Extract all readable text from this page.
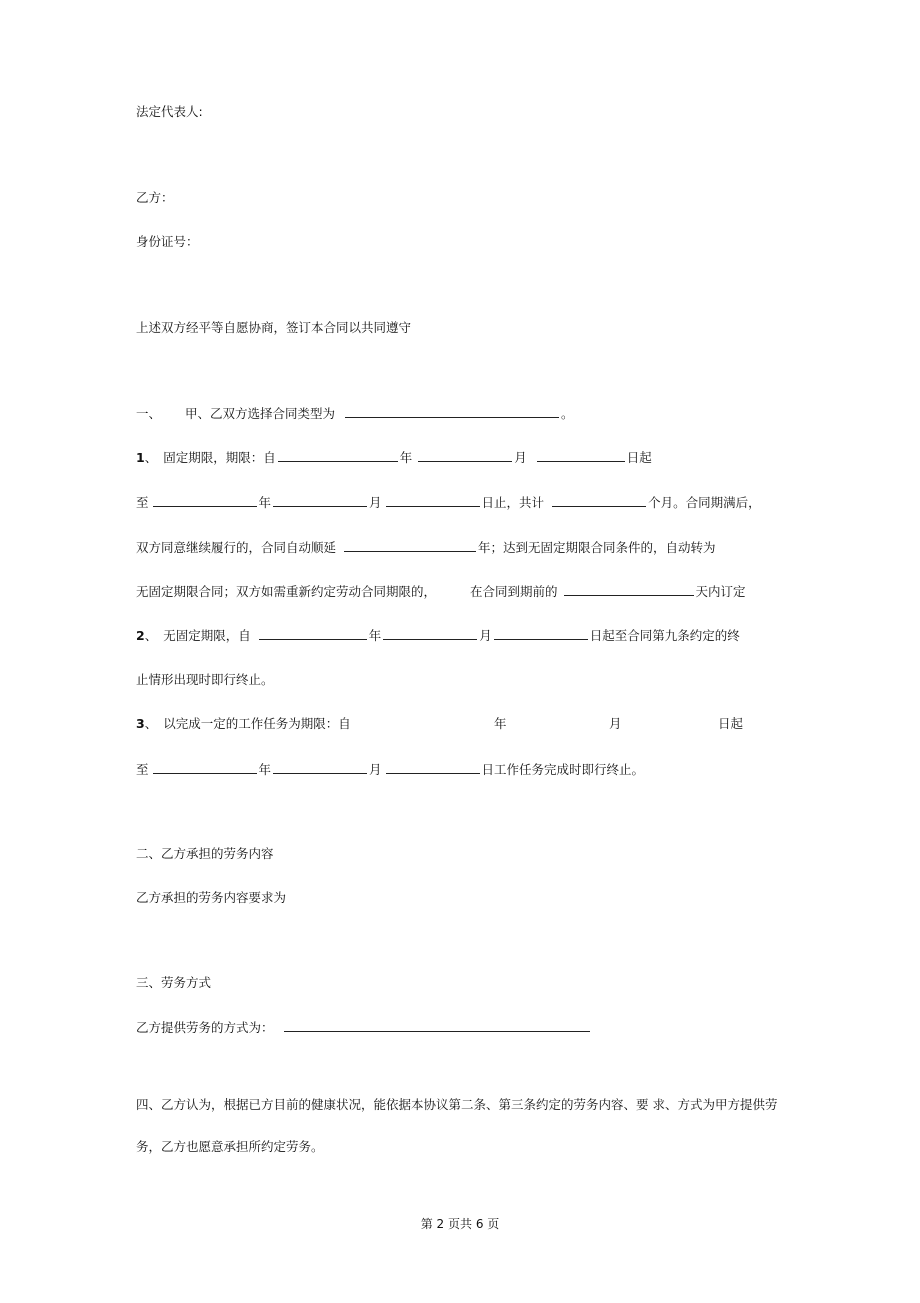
法定代表人:
乙方：
身份证号：
上述双方经平等自愿协商，签订本合同以共同遵守
一、 甲、乙双方选择合同类型为	。
1、 固定期限，期限：自	年	月	日起
至	年	月	日止，共计	个月。合同期满后，
双方同意继续履行的，合同自动顺延	年；达到无固定期限合同条件的，自动转为
无固定期限合同；双方如需重新约定劳动合同期限的，	在合同到期前的	天内订定
2、 无固定期限，自	年	月	日起至合同第九条约定的终
止情形出现时即行终止。
3、 以完成一定的工作任务为期限：自	年	月	日起
至	年	月	日工作任务完成时即行终止。
二、乙方承担的劳务内容
乙方承担的劳务内容要求为
三、劳务方式
乙方提供劳务的方式为：
四、乙方认为，根据已方目前的健康状况，能依据本协议第二条、第三条约定的劳务内容、要 求、方式为甲方提供劳
务，乙方也愿意承担所约定劳务。
第 2 页共 6 页
